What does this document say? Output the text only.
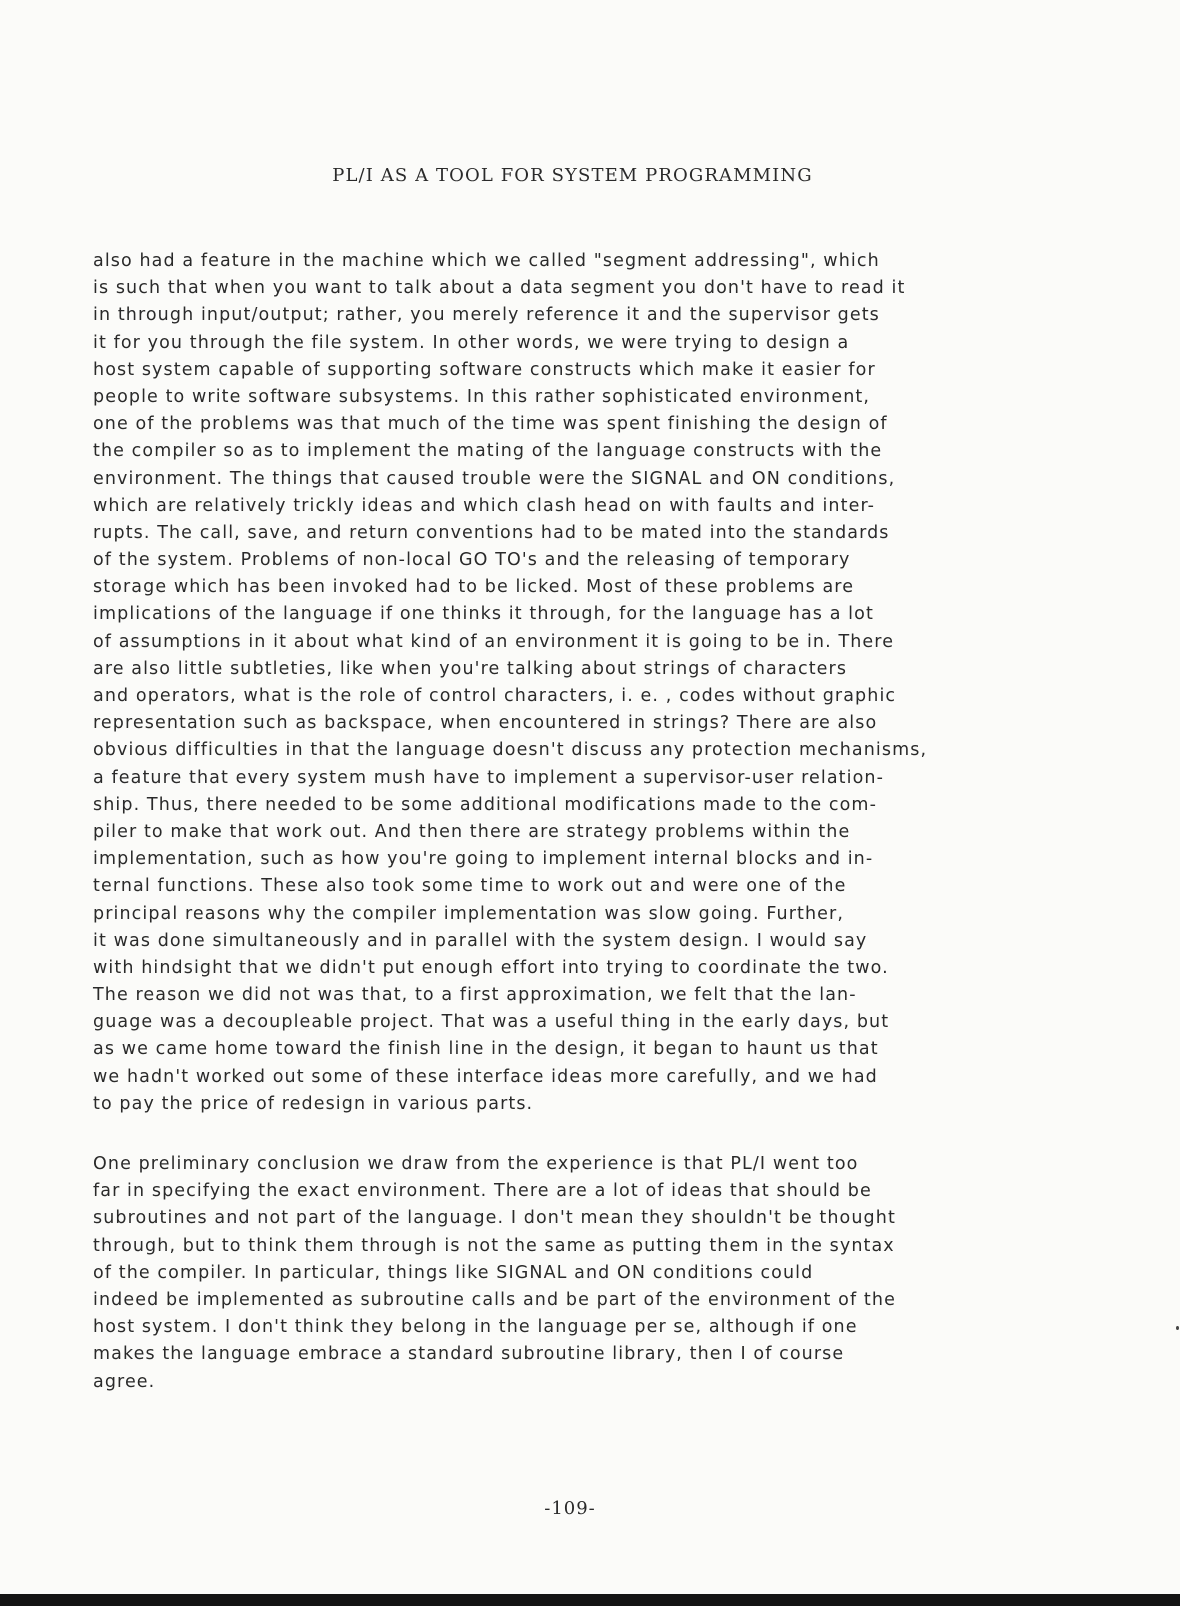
PL/I AS A TOOL FOR SYSTEM PROGRAMMING
also had a feature in the machine which we called "segment addressing", which
is such that when you want to talk about a data segment you don't have to read it
in through input/output; rather, you merely reference it and the supervisor gets
it for you through the file system. In other words, we were trying to design a
host system capable of supporting software constructs which make it easier for
people to write software subsystems. In this rather sophisticated environment,
one of the problems was that much of the time was spent finishing the design of
the compiler so as to implement the mating of the language constructs with the
environment. The things that caused trouble were the SIGNAL and ON conditions,
which are relatively trickly ideas and which clash head on with faults and inter-
rupts. The call, save, and return conventions had to be mated into the standards
of the system. Problems of non-local GO TO's and the releasing of temporary
storage which has been invoked had to be licked. Most of these problems are
implications of the language if one thinks it through, for the language has a lot
of assumptions in it about what kind of an environment it is going to be in. There
are also little subtleties, like when you're talking about strings of characters
and operators, what is the role of control characters, i. e. , codes without graphic
representation such as backspace, when encountered in strings? There are also
obvious difficulties in that the language doesn't discuss any protection mechanisms,
a feature that every system mush have to implement a supervisor-user relation-
ship. Thus, there needed to be some additional modifications made to the com-
piler to make that work out. And then there are strategy problems within the
implementation, such as how you're going to implement internal blocks and in-
ternal functions. These also took some time to work out and were one of the
principal reasons why the compiler implementation was slow going. Further,
it was done simultaneously and in parallel with the system design. I would say
with hindsight that we didn't put enough effort into trying to coordinate the two.
The reason we did not was that, to a first approximation, we felt that the lan-
guage was a decoupleable project. That was a useful thing in the early days, but
as we came home toward the finish line in the design, it began to haunt us that
we hadn't worked out some of these interface ideas more carefully, and we had
to pay the price of redesign in various parts.
One preliminary conclusion we draw from the experience is that PL/I went too
far in specifying the exact environment. There are a lot of ideas that should be
subroutines and not part of the language. I don't mean they shouldn't be thought
through, but to think them through is not the same as putting them in the syntax
of the compiler. In particular, things like SIGNAL and ON conditions could
indeed be implemented as subroutine calls and be part of the environment of the
host system. I don't think they belong in the language per se, although if one
makes the language embrace a standard subroutine library, then I of course
agree.
-109-
